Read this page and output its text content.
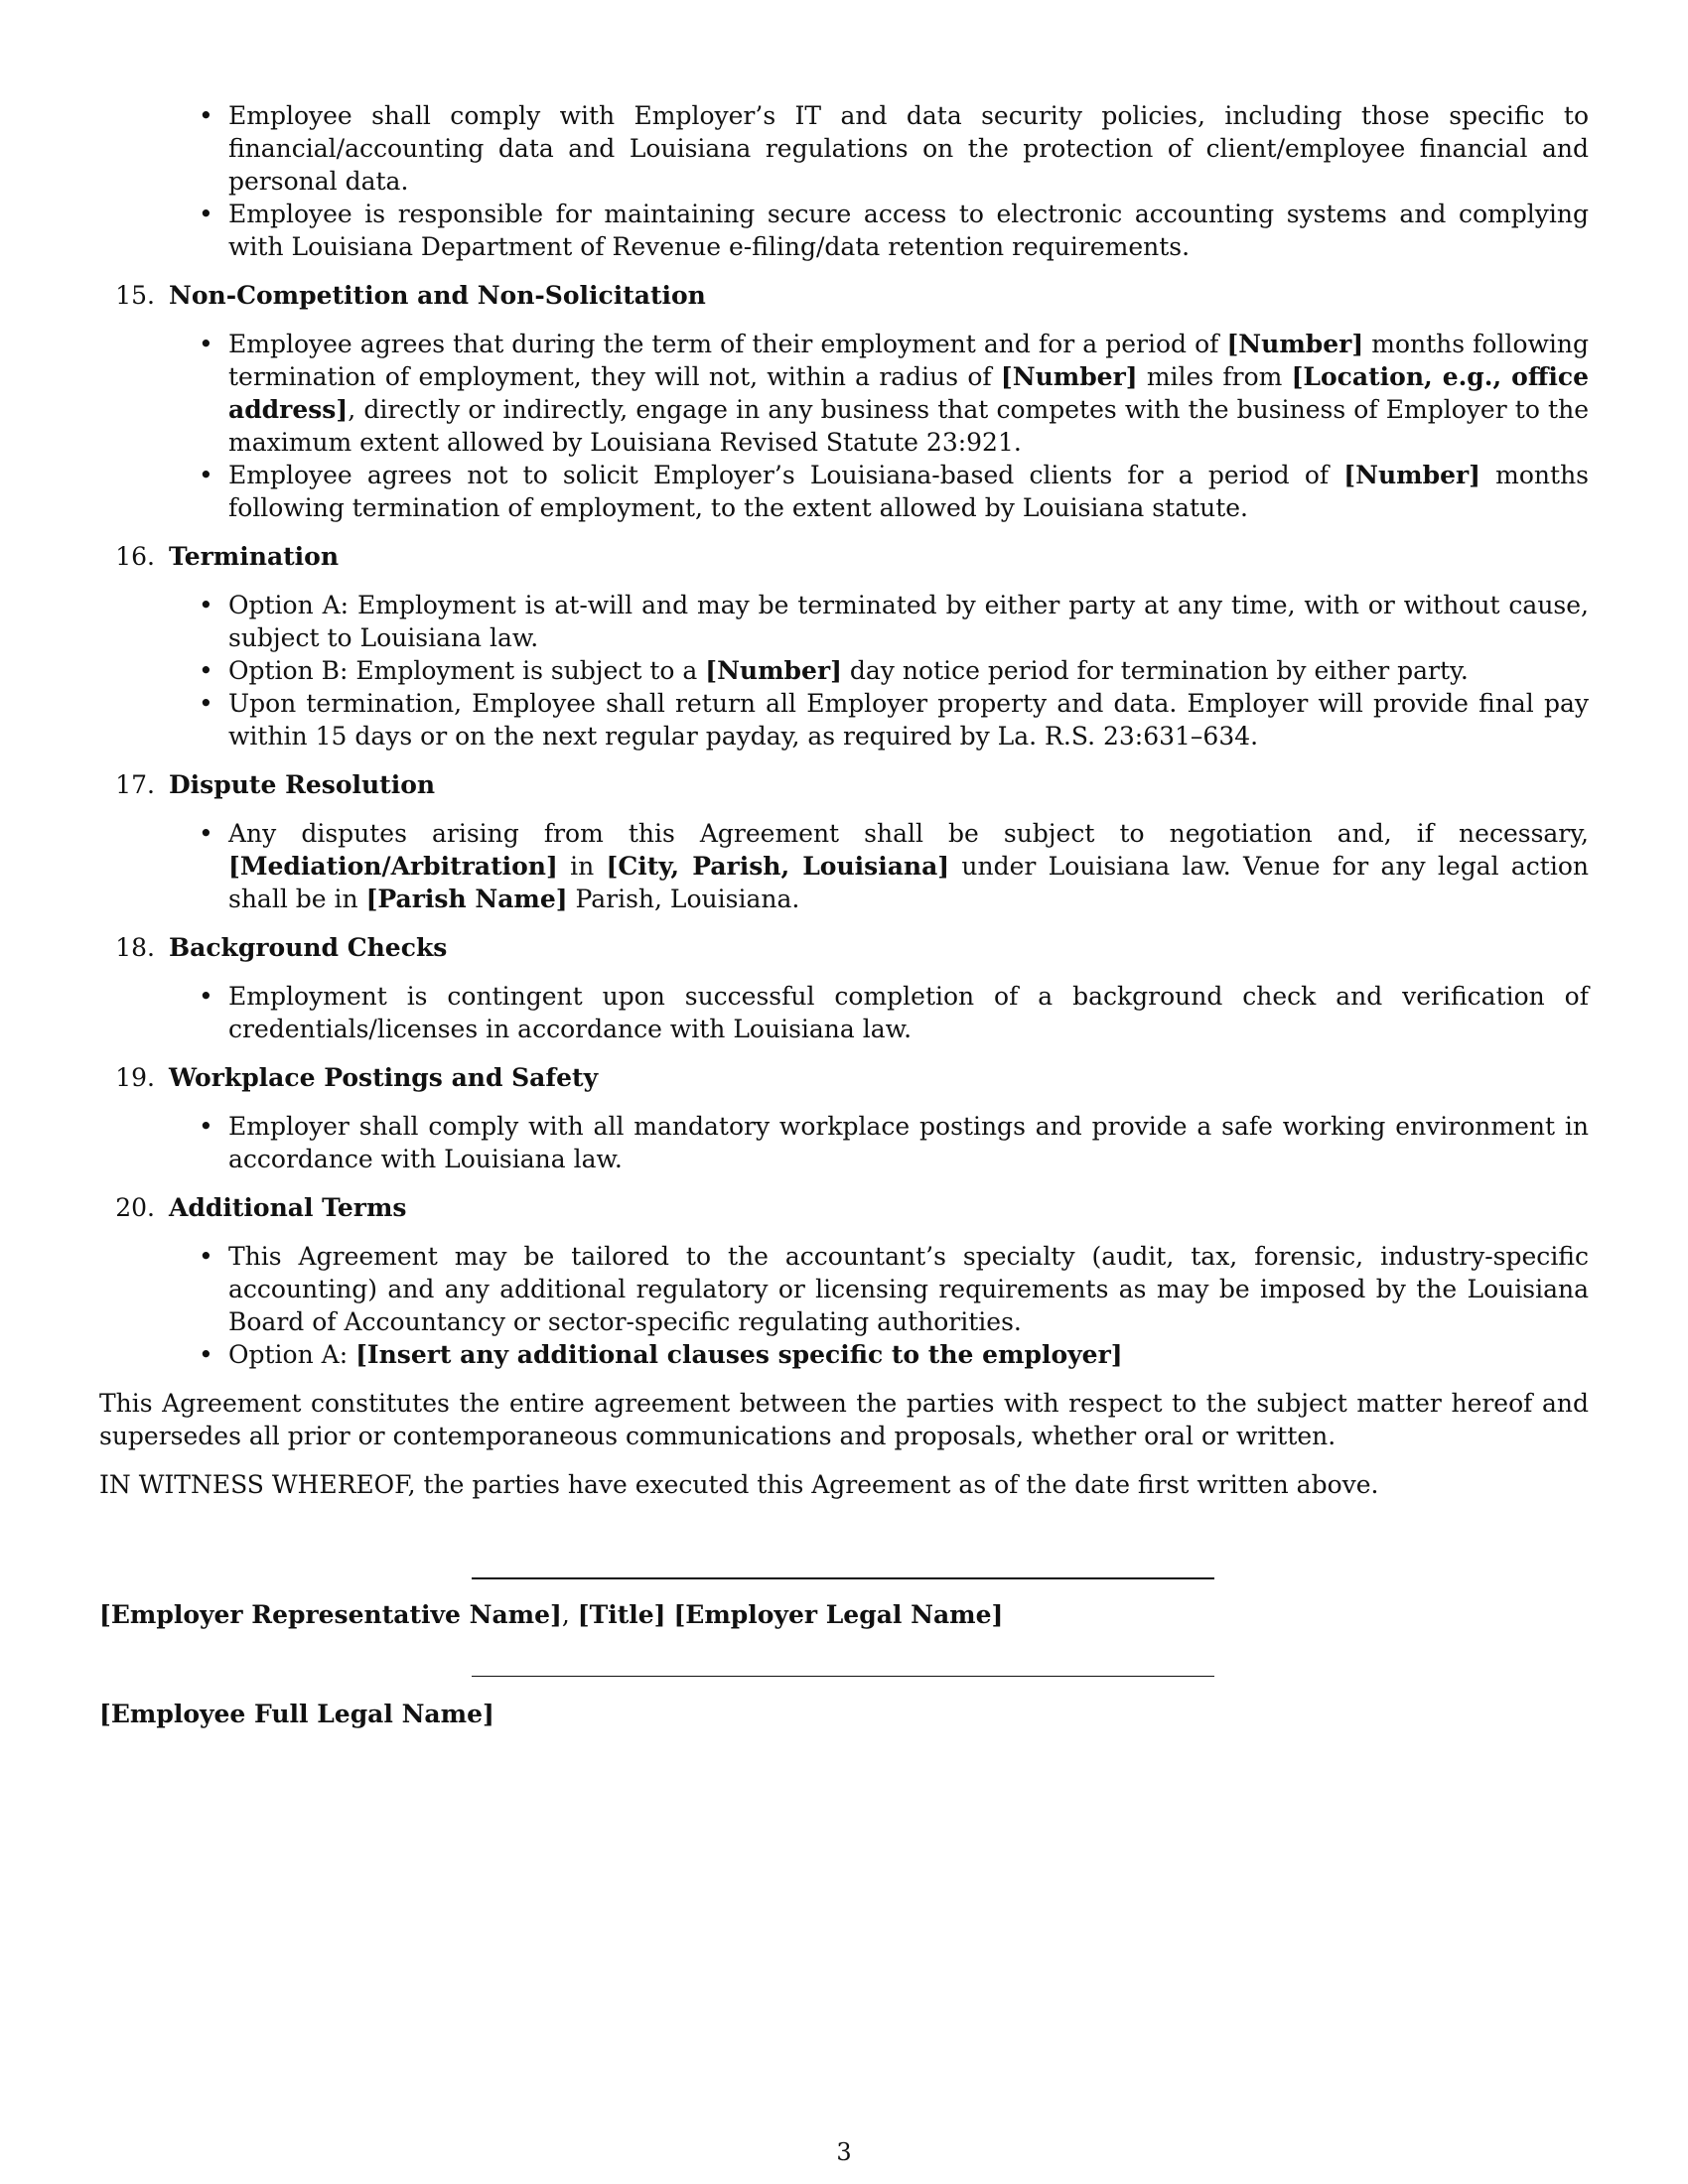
• Employee shall comply with Employer’s IT and data security policies, including those specific to financial/accounting data and Louisiana regulations on the protection of client/employee financial and personal data.
• Employee is responsible for maintaining secure access to electronic accounting systems and complying with Louisiana Department of Revenue e-filing/data retention requirements.
15. Non-Competition and Non-Solicitation
• Employee agrees that during the term of their employment and for a period of [Number] months following termination of employment, they will not, within a radius of [Number] miles from [Location, e.g., office address], directly or indirectly, engage in any business that competes with the business of Employer to the maximum extent allowed by Louisiana Revised Statute 23:921.
• Employee agrees not to solicit Employer’s Louisiana-based clients for a period of [Number] months following termination of employment, to the extent allowed by Louisiana statute.
16. Termination
• Option A: Employment is at-will and may be terminated by either party at any time, with or without cause, subject to Louisiana law.
• Option B: Employment is subject to a [Number] day notice period for termination by either party.
• Upon termination, Employee shall return all Employer property and data. Employer will provide final pay within 15 days or on the next regular payday, as required by La. R.S. 23:631–634.
17. Dispute Resolution
• Any disputes arising from this Agreement shall be subject to negotiation and, if necessary, [Mediation/Arbitration] in [City, Parish, Louisiana] under Louisiana law. Venue for any legal action shall be in [Parish Name] Parish, Louisiana.
18. Background Checks
• Employment is contingent upon successful completion of a background check and verification of credentials/licenses in accordance with Louisiana law.
19. Workplace Postings and Safety
• Employer shall comply with all mandatory workplace postings and provide a safe working environment in accordance with Louisiana law.
20. Additional Terms
• This Agreement may be tailored to the accountant’s specialty (audit, tax, forensic, industry-specific accounting) and any additional regulatory or licensing requirements as may be imposed by the Louisiana Board of Accountancy or sector-specific regulating authorities.
• Option A: [Insert any additional clauses specific to the employer]

This Agreement constitutes the entire agreement between the parties with respect to the subject matter hereof and supersedes all prior or contemporaneous communications and proposals, whether oral or written.

IN WITNESS WHEREOF, the parties have executed this Agreement as of the date first written above.

[Employer Representative Name], [Title] [Employer Legal Name]
[Employee Full Legal Name]
3
